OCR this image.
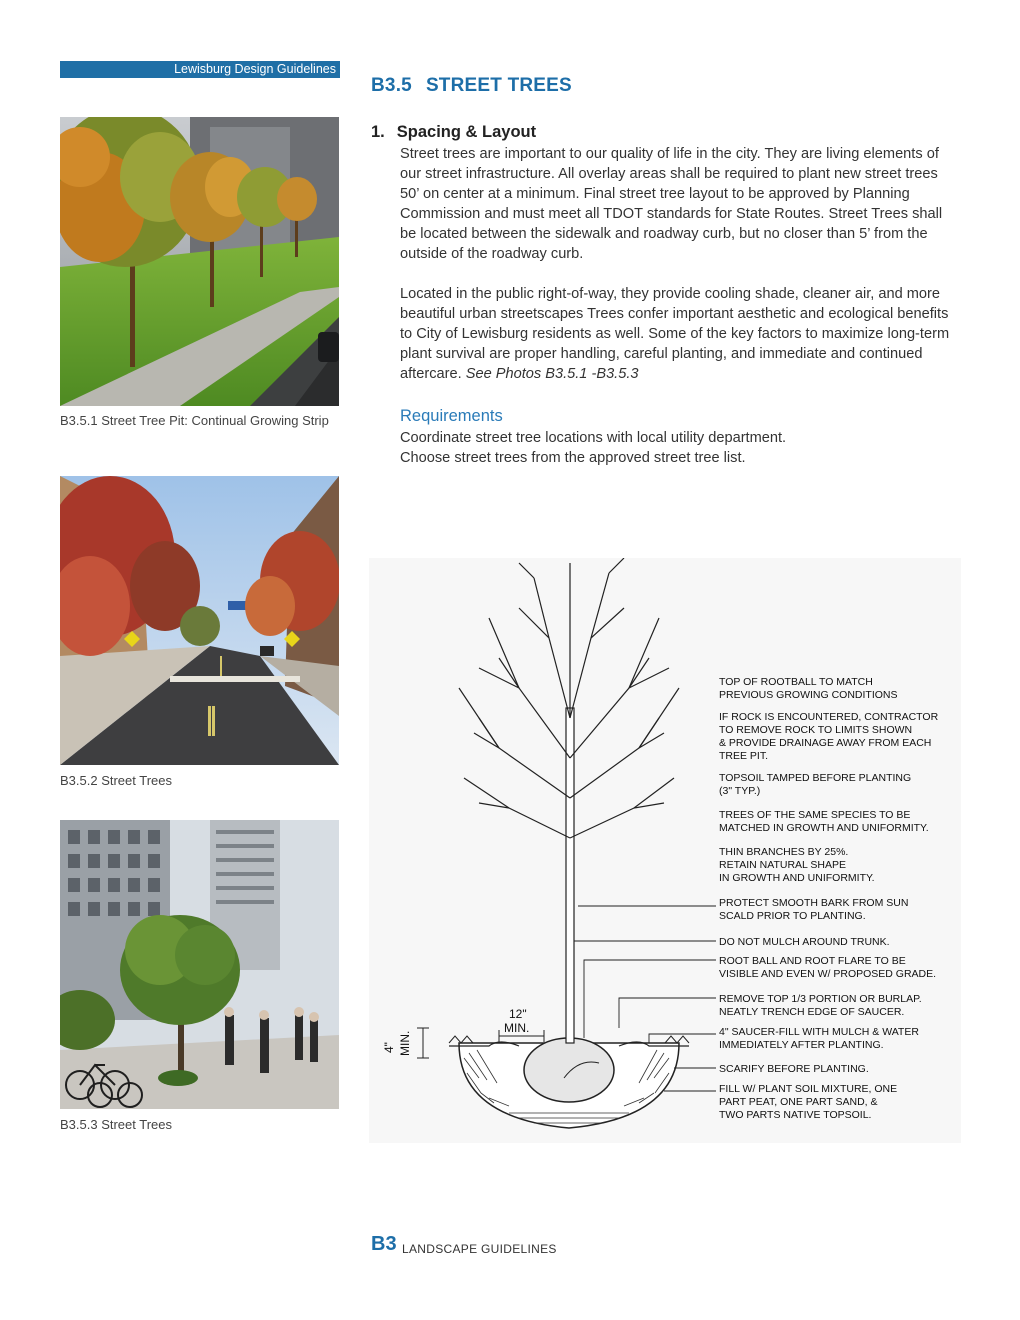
Lewisburg Design Guidelines
B3.5 STREET TREES
1. Spacing & Layout
Street trees are important to our quality of life in the city. They are living elements of our street infrastructure. All overlay areas shall be required to plant new street trees 50’ on center at a minimum. Final street tree layout to be approved by Planning Commission and must meet all TDOT standards for State Routes. Street Trees shall be located between the sidewalk and roadway curb, but no closer than 5’ from the outside of the roadway curb.
Located in the public right-of-way, they provide cooling shade, cleaner air, and more beautiful urban streetscapes Trees confer important aesthetic and ecological benefits to City of Lewisburg residents as well. Some of the key factors to maximize long-term plant survival are proper handling, careful planting, and immediate and continued aftercare. See Photos B3.5.1 -B3.5.3
Requirements
Coordinate street tree locations with local utility department.
Choose street trees from the approved street tree list.
B3.5.1 Street Tree Pit: Continual Growing Strip
B3.5.2 Street Trees
B3.5.3 Street Trees
12"
MIN.
4" MIN.
TOP OF ROOTBALL TO MATCH PREVIOUS GROWING CONDITIONS
IF ROCK IS ENCOUNTERED, CONTRACTOR TO REMOVE ROCK TO LIMITS SHOWN & PROVIDE DRAINAGE AWAY FROM EACH TREE PIT.
TOPSOIL TAMPED BEFORE PLANTING (3" TYP.)
TREES OF THE SAME SPECIES TO BE MATCHED IN GROWTH AND UNIFORMITY.
THIN BRANCHES BY 25%. RETAIN NATURAL SHAPE IN GROWTH AND UNIFORMITY.
PROTECT SMOOTH BARK FROM SUN SCALD PRIOR TO PLANTING.
DO NOT MULCH AROUND TRUNK.
ROOT BALL AND ROOT FLARE TO BE VISIBLE AND EVEN W/ PROPOSED GRADE.
REMOVE TOP 1/3 PORTION OR BURLAP. NEATLY TRENCH EDGE OF SAUCER.
4" SAUCER-FILL WITH MULCH & WATER IMMEDIATELY AFTER PLANTING.
SCARIFY BEFORE PLANTING.
FILL W/ PLANT SOIL MIXTURE, ONE PART PEAT, ONE PART SAND, & TWO PARTS NATIVE TOPSOIL.
B3 LANDSCAPE GUIDELINES
